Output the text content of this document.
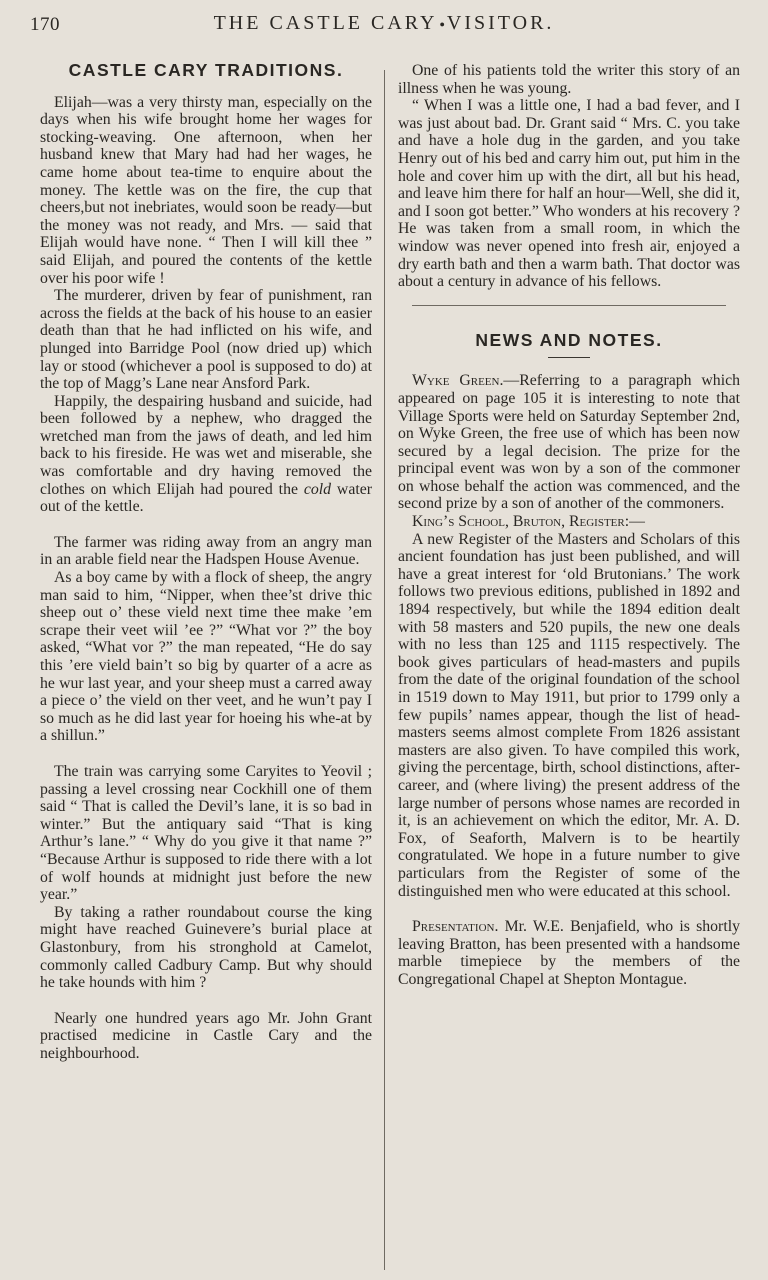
170	THE CASTLE CARY ● VISITOR.
CASTLE CARY TRADITIONS.

Elijah—was a very thirsty man, especially on the days when his wife brought home her wages for stocking-weaving. One afternoon, when her husband knew that Mary had had her wages, he came home about tea-time to enquire about the money. The kettle was on the fire, the cup that cheers,but not inebriates, would soon be ready—but the money was not ready, and Mrs. — said that Elijah would have none. “ Then I will kill thee ” said Elijah, and poured the contents of the kettle over his poor wife !

The murderer, driven by fear of punishment, ran across the fields at the back of his house to an easier death than that he had inflicted on his wife, and plunged into Barridge Pool (now dried up) which lay or stood (whichever a pool is supposed to do) at the top of Magg’s Lane near Ansford Park.

Happily, the despairing husband and suicide, had been followed by a nephew, who dragged the wretched man from the jaws of death, and led him back to his fireside. He was wet and miserable, she was comfortable and dry having removed the clothes on which Elijah had poured the cold water out of the kettle.

The farmer was riding away from an angry man in an arable field near the Hadspen House Avenue.

As a boy came by with a flock of sheep, the angry man said to him, “Nipper, when thee’st drive thic sheep out o’ these vield next time thee make ’em scrape their veet wiil ’ee ?” “What vor ?” the boy asked, “What vor ?” the man repeated, “He do say this ’ere vield bain’t so big by quarter of a acre as he wur last year, and your sheep must a carred away a piece o’ the vield on ther veet, and he wun’t pay I so much as he did last year for hoeing his whe-at by a shillun.”

The train was carrying some Caryites to Yeovil ; passing a level crossing near Cockhill one of them said “ That is called the Devil’s lane, it is so bad in winter.” But the antiquary said “That is king Arthur’s lane.” “ Why do you give it that name ?” “Because Arthur is supposed to ride there with a lot of wolf hounds at midnight just before the new year.”

By taking a rather roundabout course the king might have reached Guinevere’s burial place at Glastonbury, from his stronghold at Camelot, commonly called Cadbury Camp. But why should he take hounds with him ?

Nearly one hundred years ago Mr. John Grant practised medicine in Castle Cary and the neighbourhood.

One of his patients told the writer this story of an illness when he was young.

“ When I was a little one, I had a bad fever, and I was just about bad. Dr. Grant said “ Mrs. C. you take and have a hole dug in the garden, and you take Henry out of his bed and carry him out, put him in the hole and cover him up with the dirt, all but his head, and leave him there for half an hour—Well, she did it, and I soon got better.” Who wonders at his recovery ? He was taken from a small room, in which the window was never opened into fresh air, enjoyed a dry earth bath and then a warm bath. That doctor was about a century in advance of his fellows.

NEWS AND NOTES.

Wyke Green.—Referring to a paragraph which appeared on page 105 it is interesting to note that Village Sports were held on Saturday September 2nd, on Wyke Green, the free use of which has been now secured by a legal decision. The prize for the principal event was won by a son of the commoner on whose behalf the action was commenced, and the second prize by a son of another of the commoners.

King’s School, Bruton, Register:—

A new Register of the Masters and Scholars of this ancient foundation has just been published, and will have a great interest for ‘old Brutonians.’ The work follows two previous editions, published in 1892 and 1894 respectively, but while the 1894 edition dealt with 58 masters and 520 pupils, the new one deals with no less than 125 and 1115 respectively. The book gives particulars of head-masters and pupils from the date of the original foundation of the school in 1519 down to May 1911, but prior to 1799 only a few pupils’ names appear, though the list of head-masters seems almost complete From 1826 assistant masters are also given. To have compiled this work, giving the percentage, birth, school distinctions, after-career, and (where living) the present address of the large number of persons whose names are recorded in it, is an achievement on which the editor, Mr. A. D. Fox, of Seaforth, Malvern is to be heartily congratulated. We hope in a future number to give particulars from the Register of some of the distinguished men who were educated at this school.

Presentation. Mr. W.E. Benjafield, who is shortly leaving Bratton, has been presented with a handsome marble timepiece by the members of the Congregational Chapel at Shepton Montague.
